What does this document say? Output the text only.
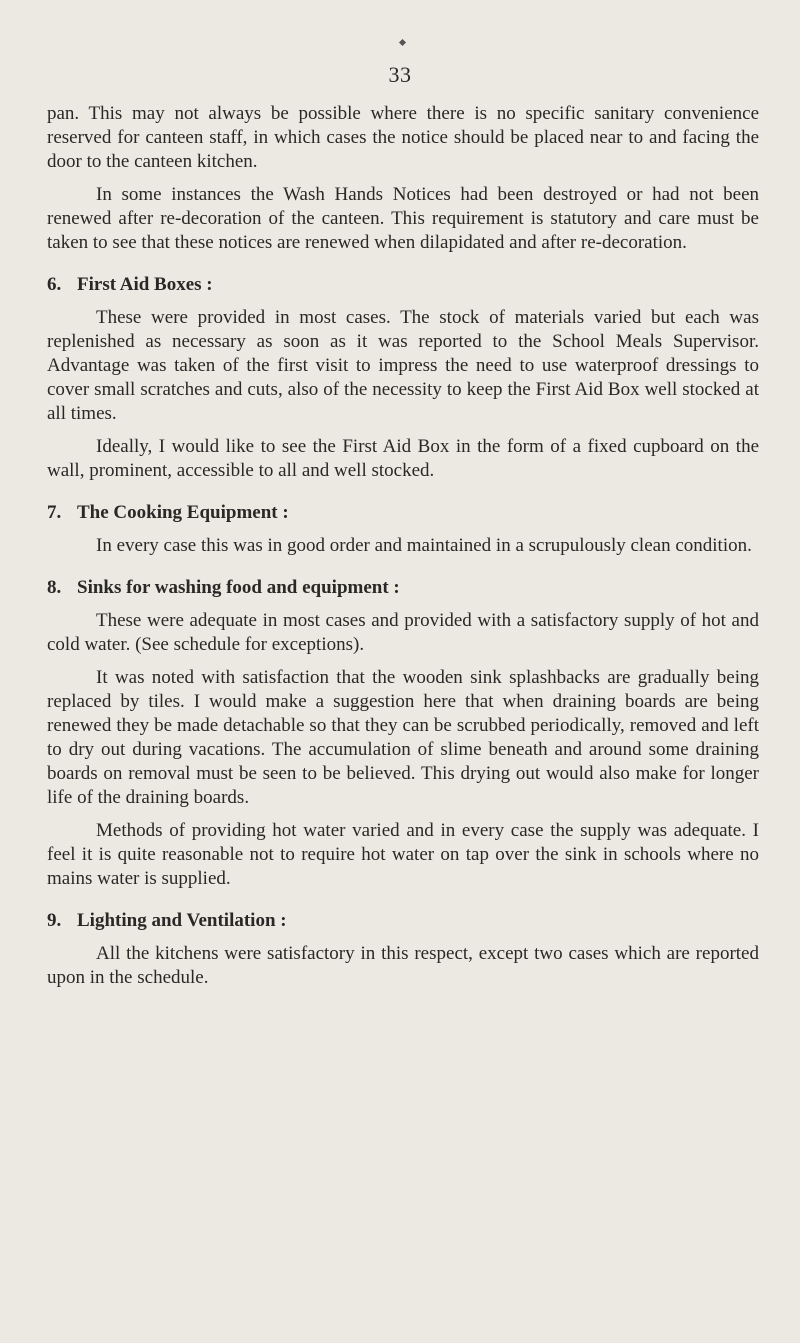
33

pan. This may not always be possible where there is no specific sanitary convenience reserved for canteen staff, in which cases the notice should be placed near to and facing the door to the canteen kitchen.

In some instances the Wash Hands Notices had been destroyed or had not been renewed after re-decoration of the canteen. This requirement is statutory and care must be taken to see that these notices are renewed when dilapidated and after re-decoration.

6. First Aid Boxes :

These were provided in most cases. The stock of materials varied but each was replenished as necessary as soon as it was reported to the School Meals Supervisor. Advantage was taken of the first visit to impress the need to use waterproof dressings to cover small scratches and cuts, also of the necessity to keep the First Aid Box well stocked at all times.

Ideally, I would like to see the First Aid Box in the form of a fixed cupboard on the wall, prominent, accessible to all and well stocked.

7. The Cooking Equipment :

In every case this was in good order and maintained in a scrupulously clean condition.

8. Sinks for washing food and equipment :

These were adequate in most cases and provided with a satisfactory supply of hot and cold water. (See schedule for exceptions).

It was noted with satisfaction that the wooden sink splashbacks are gradually being replaced by tiles. I would make a suggestion here that when draining boards are being renewed they be made detachable so that they can be scrubbed periodically, removed and left to dry out during vacations. The accumulation of slime beneath and around some draining boards on removal must be seen to be believed. This drying out would also make for longer life of the draining boards.

Methods of providing hot water varied and in every case the supply was adequate. I feel it is quite reasonable not to require hot water on tap over the sink in schools where no mains water is supplied.

9. Lighting and Ventilation :

All the kitchens were satisfactory in this respect, except two cases which are reported upon in the schedule.
